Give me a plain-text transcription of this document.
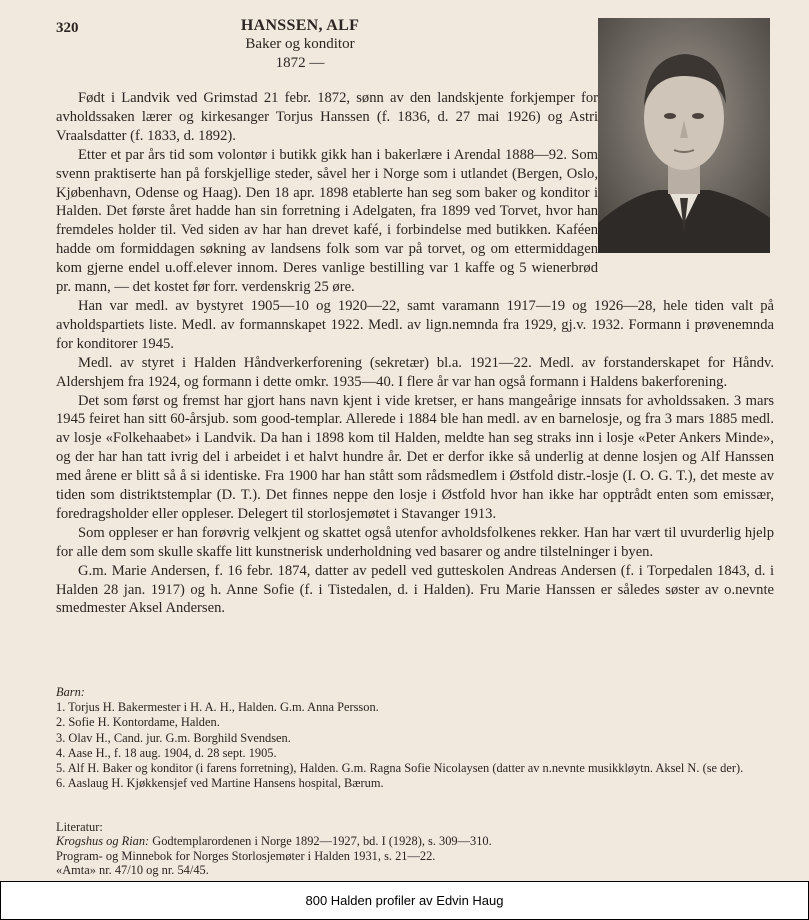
320	HANSSEN, ALF
Baker og konditor
1872 —

Født i Landvik ved Grimstad 21 febr. 1872, sønn av den landskjente forkjemper for avholdssaken lærer og kirkesanger Torjus Hanssen (f. 1836, d. 27 mai 1926) og Astri Vraalsdatter (f. 1833, d. 1892).

Etter et par års tid som volontør i butikk gikk han i bakerlære i Arendal 1888—92. Som svenn praktiserte han på forskjellige steder, såvel her i Norge som i utlandet (Bergen, Oslo, Kjøbenhavn, Odense og Haag). Den 18 apr. 1898 etablerte han seg som baker og konditor i Halden. Det første året hadde han sin forretning i Adelgaten, fra 1899 ved Torvet, hvor han fremdeles holder til. Ved siden av har han drevet kafé, i forbindelse med butikken. Kaféen hadde om formiddagen søkning av landsens folk som var på torvet, og om ettermiddagen kom gjerne endel u.off.elever innom. Deres vanlige bestilling var 1 kaffe og 5 wienerbrød pr. mann, — det kostet før forr. verdenskrig 25 øre.

Han var medl. av bystyret 1905—10 og 1920—22, samt varamann 1917—19 og 1926—28, hele tiden valt på avholdspartiets liste. Medl. av formannskapet 1922. Medl. av lign.nemnda fra 1929, gj.v. 1932. Formann i prøvenemnda for konditorer 1945.

Medl. av styret i Halden Håndverkerforening (sekretær) bl.a. 1921—22. Medl. av forstanderskapet for Håndv. Aldershjem fra 1924, og formann i dette omkr. 1935—40. I flere år var han også formann i Haldens bakerforening.

Det som først og fremst har gjort hans navn kjent i vide kretser, er hans mangeårige innsats for avholdssaken. 3 mars 1945 feiret han sitt 60-årsjub. som good-templar. Allerede i 1884 ble han medl. av en barnelosje, og fra 3 mars 1885 medl. av losje «Folkehaabet» i Landvik. Da han i 1898 kom til Halden, meldte han seg straks inn i losje «Peter Ankers Minde», og der har han tatt ivrig del i arbeidet i et halvt hundre år. Det er derfor ikke så underlig at denne losjen og Alf Hanssen med årene er blitt så å si identiske. Fra 1900 har han stått som rådsmedlem i Østfold distr.-losje (I. O. G. T.), det meste av tiden som distriktstemplar (D. T.). Det finnes neppe den losje i Østfold hvor han ikke har opptrådt enten som emissær, foredragsholder eller oppleser. Delegert til storlosjemøtet i Stavanger 1913.

Som oppleser er han forøvrig velkjent og skattet også utenfor avholdsfolkenes rekker. Han har vært til uvurderlig hjelp for alle dem som skulle skaffe litt kunstnerisk underholdning ved basarer og andre tilstelninger i byen.

G.m. Marie Andersen, f. 16 febr. 1874, datter av pedell ved gutteskolen Andreas Andersen (f. i Torpedalen 1843, d. i Halden 28 jan. 1917) og h. Anne Sofie (f. i Tistedalen, d. i Halden). Fru Marie Hanssen er således søster av o.nevnte smedmester Aksel Andersen.

Barn:
1. Torjus H. Bakermester i H. A. H., Halden. G.m. Anna Persson.
2. Sofie H. Kontordame, Halden.
3. Olav H., Cand. jur. G.m. Borghild Svendsen.
4. Aase H., f. 18 aug. 1904, d. 28 sept. 1905.
5. Alf H. Baker og konditor (i farens forretning), Halden. G.m. Ragna Sofie Nicolaysen (datter av n.nevnte musikkløytn. Aksel N. (se der).
6. Aaslaug H. Kjøkkensjef ved Martine Hansens hospital, Bærum.
Literatur:
Krogshus og Rian: Godtemplarordenen i Norge 1892—1927, bd. I (1928), s. 309—310.
Program- og Minnebok for Norges Storlosjemøter i Halden 1931, s. 21—22.
«Amta» nr. 47/10 og nr. 54/45.
800 Halden profiler av Edvin Haug
